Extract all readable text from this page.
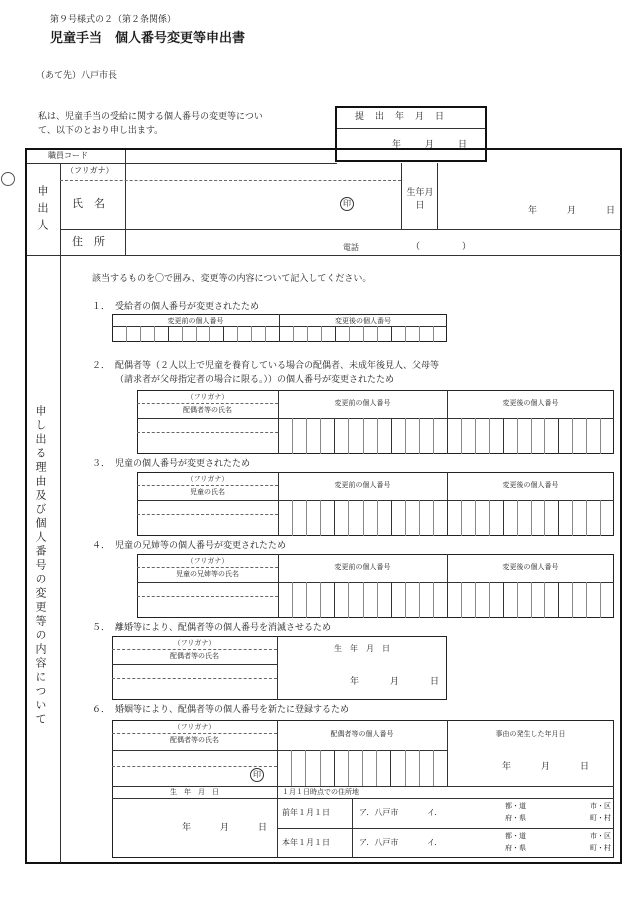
第９号様式の２（第２条関係）
児童手当　個人番号変更等申出書
（あて先）八戸市長
私は、児童手当の受給に関する個人番号の変更等につい
て、以下のとおり申し出ます。
提　出　年　月　日
年	月	日
職員コード
申出人
（フリガナ）
氏　名	印
生年月日	年	月	日
住　所	電話	（	）
申し出る理由及び個人番号の変更等の内容について
該当するものを〇で囲み、変更等の内容について記入してください。
１． 受給者の個人番号が変更されたため
変更前の個人番号	変更後の個人番号
２． 配偶者等（２人以上で児童を養育している場合の配偶者、未成年後見人、父母等
（請求者が父母指定者の場合に限る。））の個人番号が変更されたため
（フリガナ）
配偶者等の氏名
変更前の個人番号	変更後の個人番号
３． 児童の個人番号が変更されたため
（フリガナ）
児童の氏名
変更前の個人番号	変更後の個人番号
４． 児童の兄姉等の個人番号が変更されたため
（フリガナ）
児童の兄姉等の氏名
変更前の個人番号	変更後の個人番号
５． 離婚等により、配偶者等の個人番号を消滅させるため
（フリガナ）
配偶者等の氏名
生　年　月　日
年	月	日
６． 婚姻等により、配偶者等の個人番号を新たに登録するため
（フリガナ）
配偶者等の氏名
配偶者等の個人番号	事由の発生した年月日
印
年	月	日
生　年　月　日	１月１日時点での住所地
年	月	日
前年１月１日	ア．八戸市	イ．
都・道
府・県
市・区
町・村
本年１月１日	ア．八戸市	イ．
都・道
府・県
市・区
町・村
